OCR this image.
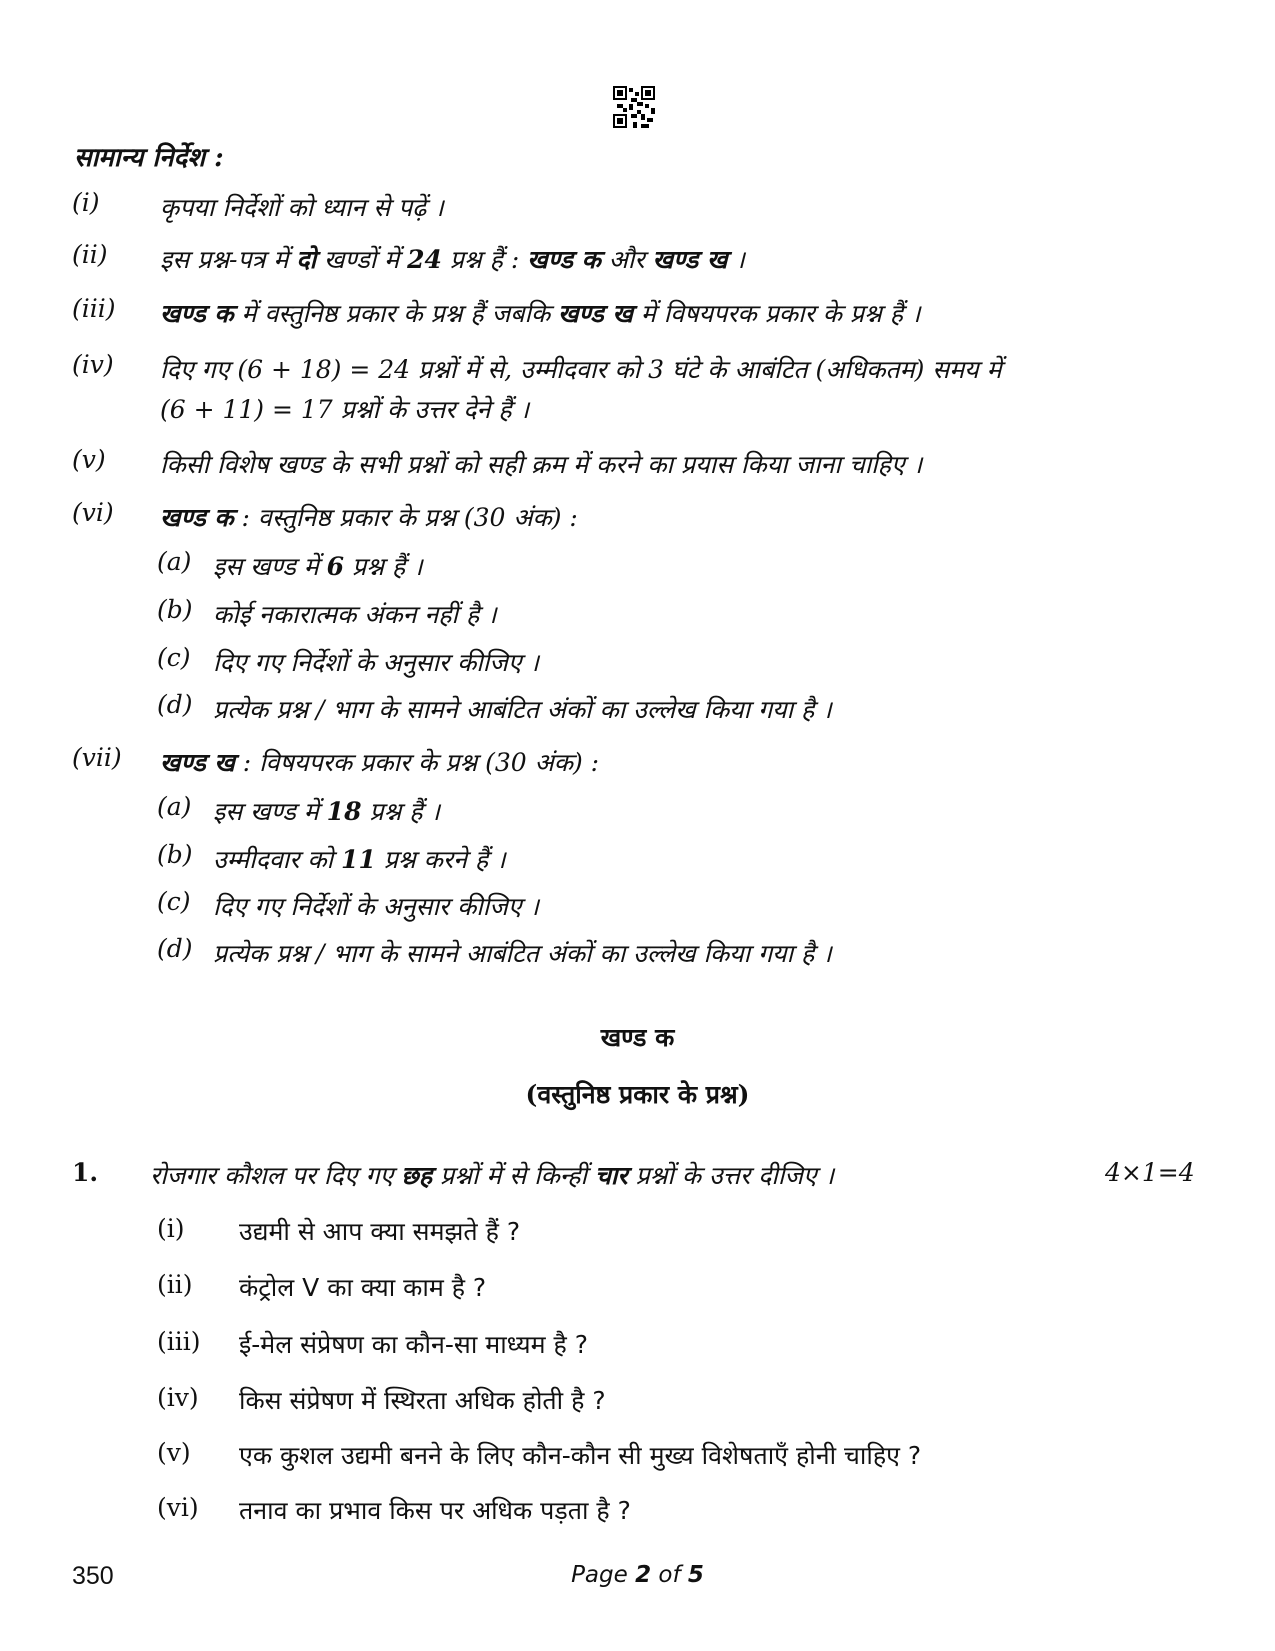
सामान्य निर्देश :
(i) कृपया निर्देशों को ध्यान से पढ़ें ।
(ii) इस प्रश्न-पत्र में दो खण्डों में 24 प्रश्न हैं : खण्ड क और खण्ड ख ।
(iii) खण्ड क में वस्तुनिष्ठ प्रकार के प्रश्न हैं जबकि खण्ड ख में विषयपरक प्रकार के प्रश्न हैं ।
(iv) दिए गए (6 + 18) = 24 प्रश्नों में से, उम्मीदवार को 3 घंटे के आबंटित (अधिकतम) समय में
(6 + 11) = 17 प्रश्नों के उत्तर देने हैं ।
(v) किसी विशेष खण्ड के सभी प्रश्नों को सही क्रम में करने का प्रयास किया जाना चाहिए ।
(vi) खण्ड क : वस्तुनिष्ठ प्रकार के प्रश्न (30 अंक) :
(a) इस खण्ड में 6 प्रश्न हैं ।
(b) कोई नकारात्मक अंकन नहीं है ।
(c) दिए गए निर्देशों के अनुसार कीजिए ।
(d) प्रत्येक प्रश्न / भाग के सामने आबंटित अंकों का उल्लेख किया गया है ।
(vii) खण्ड ख : विषयपरक प्रकार के प्रश्न (30 अंक) :
(a) इस खण्ड में 18 प्रश्न हैं ।
(b) उम्मीदवार को 11 प्रश्न करने हैं ।
(c) दिए गए निर्देशों के अनुसार कीजिए ।
(d) प्रत्येक प्रश्न / भाग के सामने आबंटित अंकों का उल्लेख किया गया है ।
खण्ड क
(वस्तुनिष्ठ प्रकार के प्रश्न)
1. रोजगार कौशल पर दिए गए छह प्रश्नों में से किन्हीं चार प्रश्नों के उत्तर दीजिए ।	4×1=4
(i) उद्यमी से आप क्या समझते हैं ?
(ii) कंट्रोल V का क्या काम है ?
(iii) ई-मेल संप्रेषण का कौन-सा माध्यम है ?
(iv) किस संप्रेषण में स्थिरता अधिक होती है ?
(v) एक कुशल उद्यमी बनने के लिए कौन-कौन सी मुख्य विशेषताएँ होनी चाहिए ?
(vi) तनाव का प्रभाव किस पर अधिक पड़ता है ?
350	Page 2 of 5
